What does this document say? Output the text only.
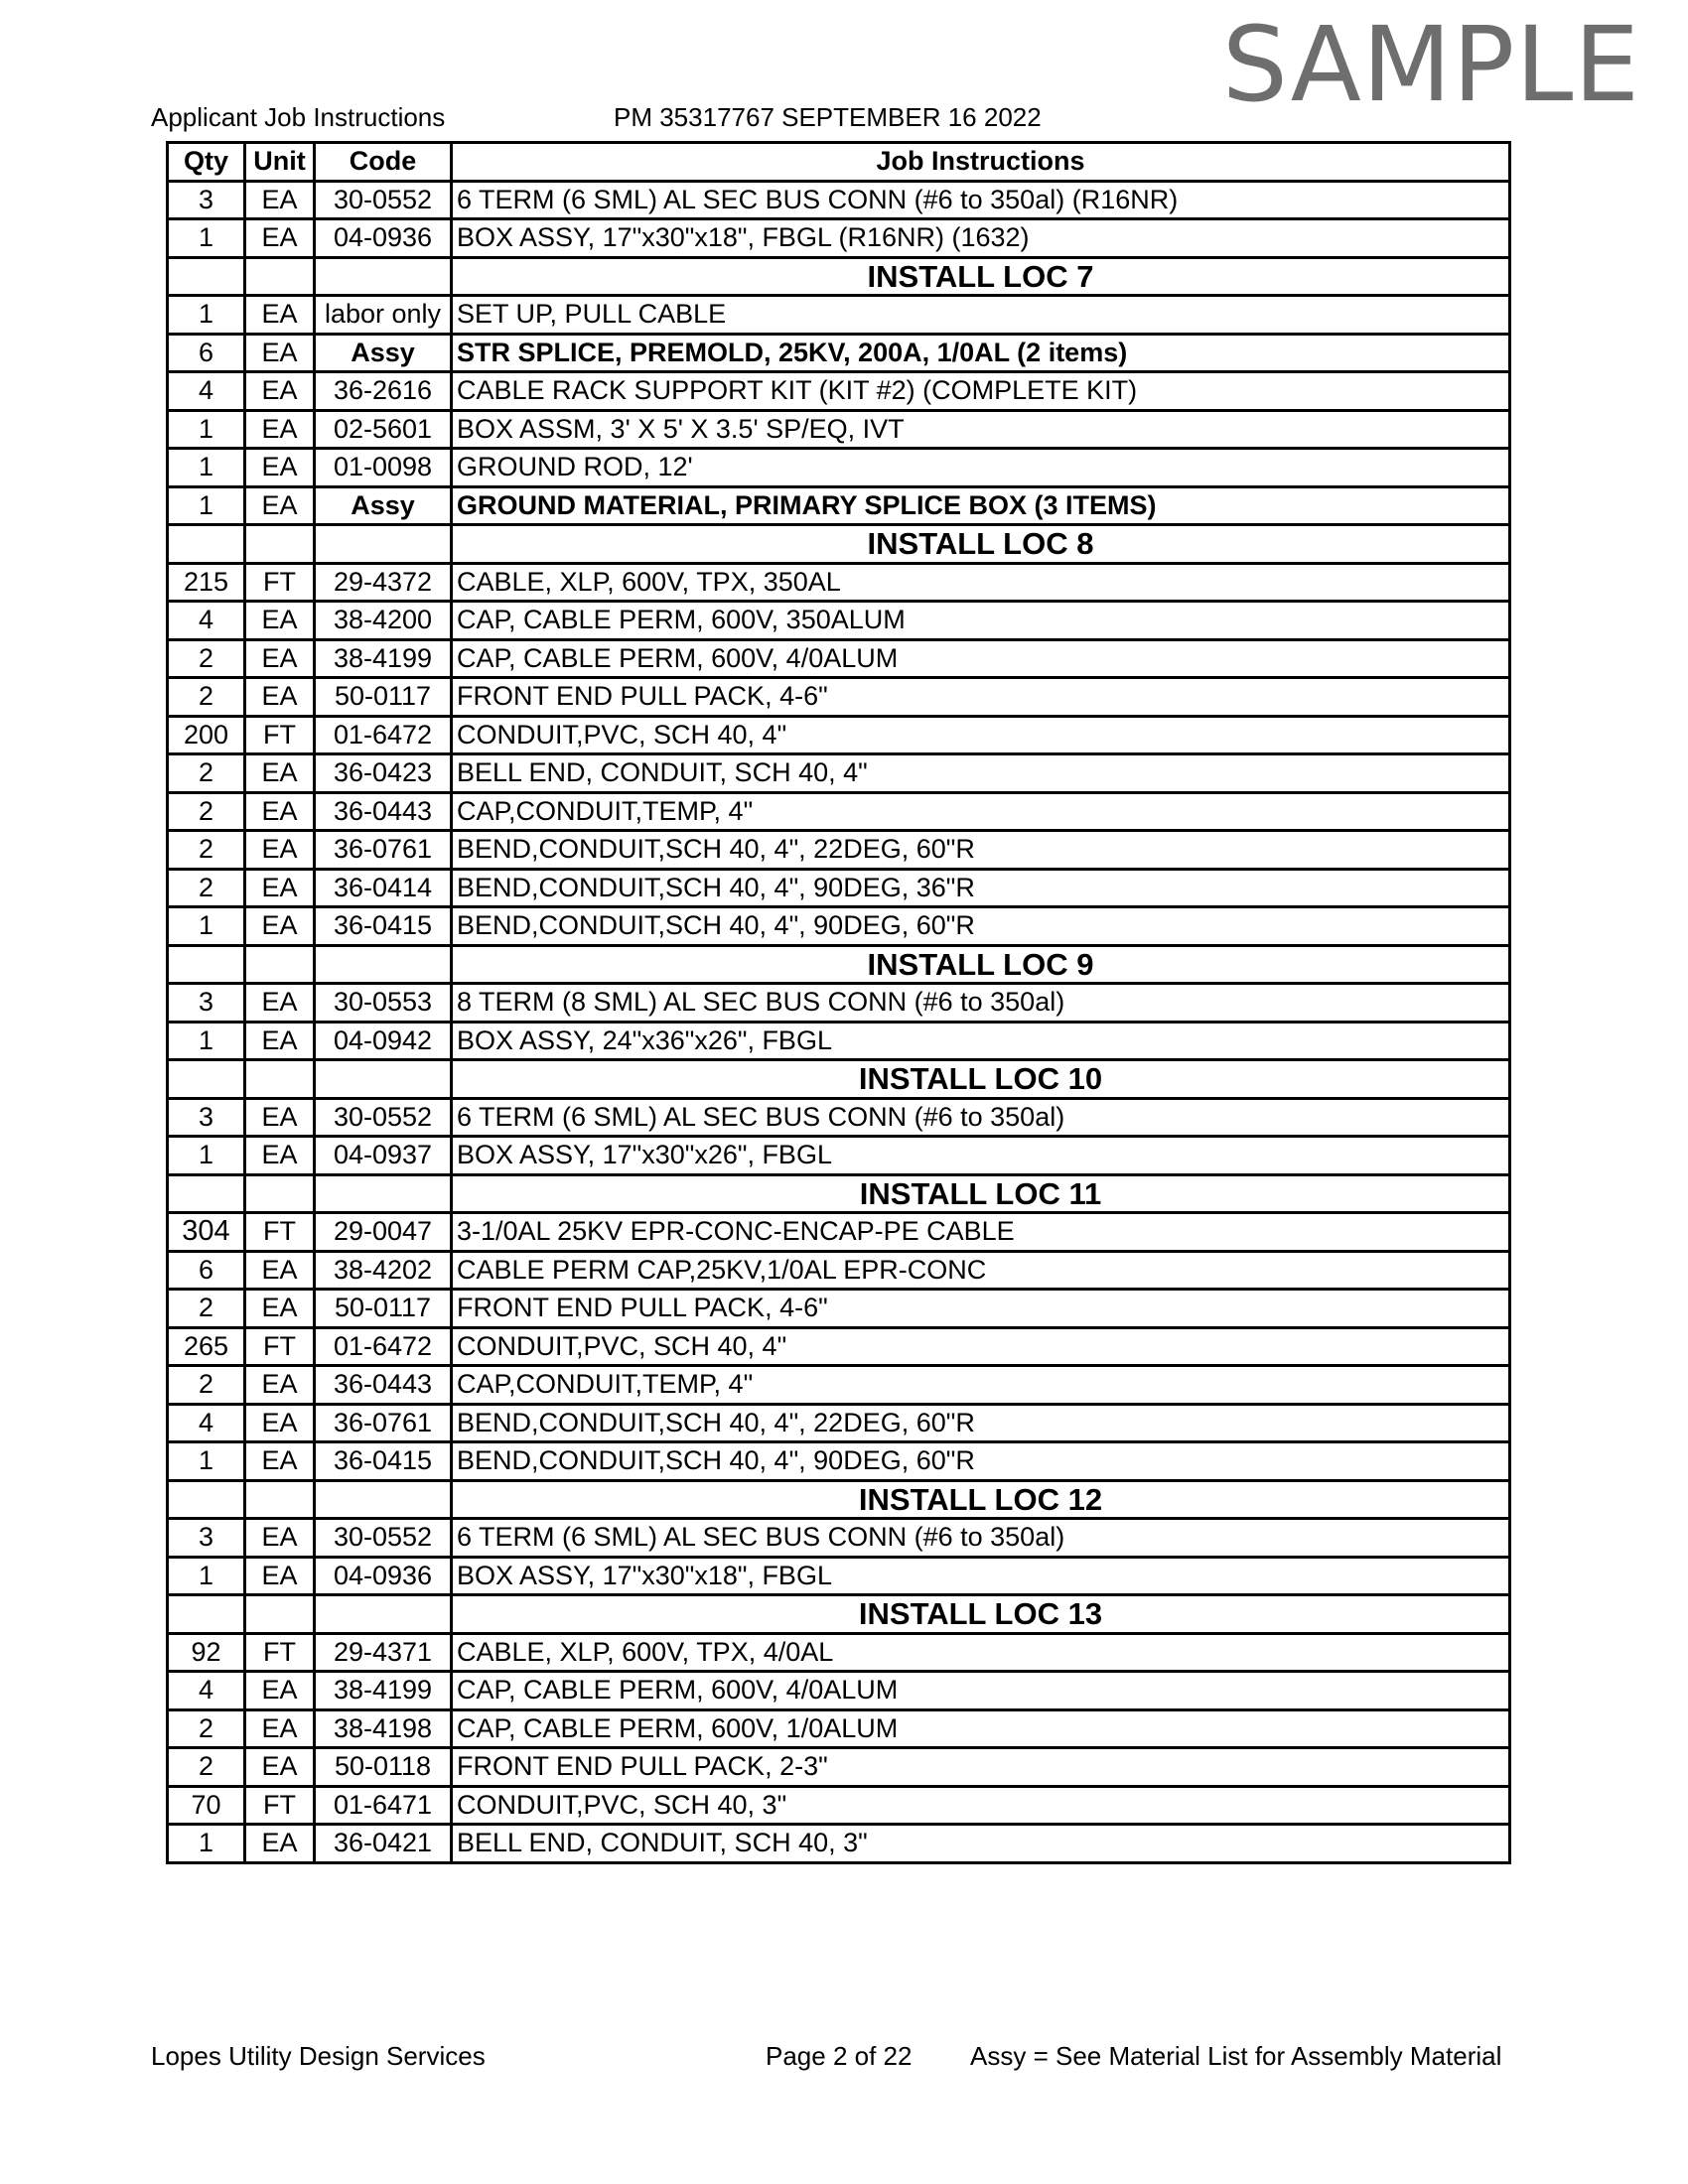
SAMPLE
Applicant Job Instructions	PM 35317767 SEPTEMBER 16 2022
Qty	Unit	Code	Job Instructions
3	EA	30-0552	6 TERM (6 SML) AL SEC BUS CONN (#6 to 350al) (R16NR)
1	EA	04-0936	BOX ASSY, 17"x30"x18", FBGL (R16NR) (1632)
			INSTALL LOC 7
1	EA	labor only	SET UP, PULL CABLE
6	EA	Assy	STR SPLICE, PREMOLD, 25KV, 200A, 1/0AL (2 items)
4	EA	36-2616	CABLE RACK SUPPORT KIT (KIT #2) (COMPLETE KIT)
1	EA	02-5601	BOX ASSM, 3' X 5' X 3.5' SP/EQ, IVT
1	EA	01-0098	GROUND ROD, 12'
1	EA	Assy	GROUND MATERIAL, PRIMARY SPLICE BOX (3 ITEMS)
			INSTALL LOC 8
215	FT	29-4372	CABLE, XLP, 600V, TPX, 350AL
4	EA	38-4200	CAP, CABLE PERM, 600V, 350ALUM
2	EA	38-4199	CAP, CABLE PERM, 600V, 4/0ALUM
2	EA	50-0117	FRONT END PULL PACK, 4-6"
200	FT	01-6472	CONDUIT,PVC, SCH 40, 4"
2	EA	36-0423	BELL END, CONDUIT, SCH 40, 4"
2	EA	36-0443	CAP,CONDUIT,TEMP, 4"
2	EA	36-0761	BEND,CONDUIT,SCH 40, 4", 22DEG, 60"R
2	EA	36-0414	BEND,CONDUIT,SCH 40, 4", 90DEG, 36"R
1	EA	36-0415	BEND,CONDUIT,SCH 40, 4", 90DEG, 60"R
			INSTALL LOC 9
3	EA	30-0553	8 TERM (8 SML) AL SEC BUS CONN (#6 to 350al)
1	EA	04-0942	BOX ASSY, 24"x36"x26", FBGL
			INSTALL LOC 10
3	EA	30-0552	6 TERM (6 SML) AL SEC BUS CONN (#6 to 350al)
1	EA	04-0937	BOX ASSY, 17"x30"x26", FBGL
			INSTALL LOC 11
304	FT	29-0047	3-1/0AL 25KV EPR-CONC-ENCAP-PE CABLE
6	EA	38-4202	CABLE PERM CAP,25KV,1/0AL EPR-CONC
2	EA	50-0117	FRONT END PULL PACK, 4-6"
265	FT	01-6472	CONDUIT,PVC, SCH 40, 4"
2	EA	36-0443	CAP,CONDUIT,TEMP, 4"
4	EA	36-0761	BEND,CONDUIT,SCH 40, 4", 22DEG, 60"R
1	EA	36-0415	BEND,CONDUIT,SCH 40, 4", 90DEG, 60"R
			INSTALL LOC 12
3	EA	30-0552	6 TERM (6 SML) AL SEC BUS CONN (#6 to 350al)
1	EA	04-0936	BOX ASSY, 17"x30"x18", FBGL
			INSTALL LOC 13
92	FT	29-4371	CABLE, XLP, 600V, TPX, 4/0AL
4	EA	38-4199	CAP, CABLE PERM, 600V, 4/0ALUM
2	EA	38-4198	CAP, CABLE PERM, 600V, 1/0ALUM
2	EA	50-0118	FRONT END PULL PACK, 2-3"
70	FT	01-6471	CONDUIT,PVC, SCH 40, 3"
1	EA	36-0421	BELL END, CONDUIT, SCH 40, 3"
Lopes Utility Design Services	Page 2 of 22 Assy = See Material List for Assembly Material
